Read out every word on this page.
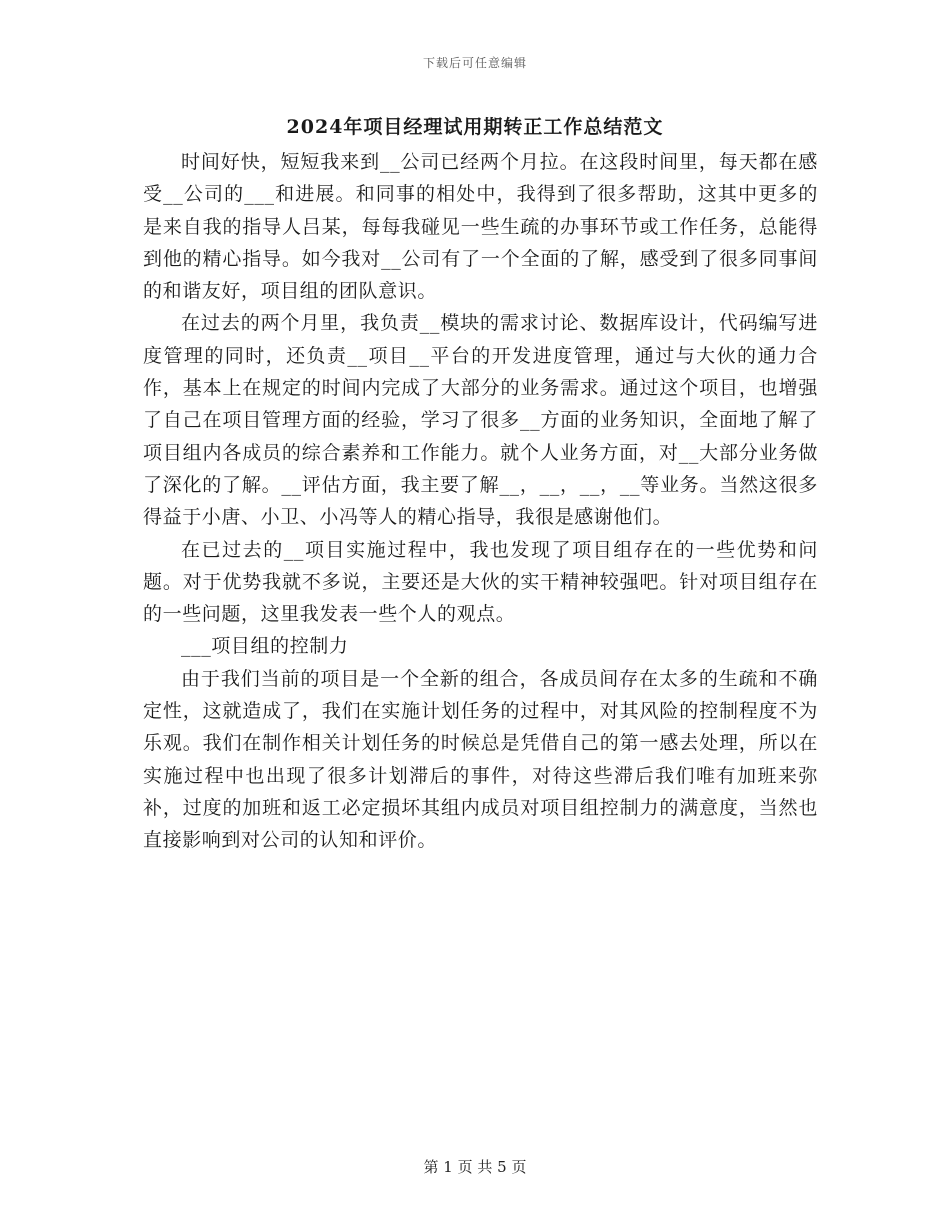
下载后可任意编辑
2024年项目经理试用期转正工作总结范文

时间好快，短短我来到__公司已经两个月拉。在这段时间里，每天都在感受__公司的___和进展。和同事的相处中，我得到了很多帮助，这其中更多的是来自我的指导人吕某，每每我碰见一些生疏的办事环节或工作任务，总能得到他的精心指导。如今我对__公司有了一个全面的了解，感受到了很多同事间的和谐友好，项目组的团队意识。

在过去的两个月里，我负责__模块的需求讨论、数据库设计，代码编写进度管理的同时，还负责__项目__平台的开发进度管理，通过与大伙的通力合作，基本上在规定的时间内完成了大部分的业务需求。通过这个项目，也增强了自己在项目管理方面的经验，学习了很多__方面的业务知识，全面地了解了项目组内各成员的综合素养和工作能力。就个人业务方面，对__大部分业务做了深化的了解。__评估方面，我主要了解__，__，__，__等业务。当然这很多得益于小唐、小卫、小冯等人的精心指导，我很是感谢他们。

在已过去的__项目实施过程中，我也发现了项目组存在的一些优势和问题。对于优势我就不多说，主要还是大伙的实干精神较强吧。针对项目组存在的一些问题，这里我发表一些个人的观点。

___项目组的控制力

由于我们当前的项目是一个全新的组合，各成员间存在太多的生疏和不确定性，这就造成了，我们在实施计划任务的过程中，对其风险的控制程度不为乐观。我们在制作相关计划任务的时候总是凭借自己的第一感去处理，所以在实施过程中也出现了很多计划滞后的事件，对待这些滞后我们唯有加班来弥补，过度的加班和返工必定损坏其组内成员对项目组控制力的满意度，当然也直接影响到对公司的认知和评价。

第 1 页 共 5 页
